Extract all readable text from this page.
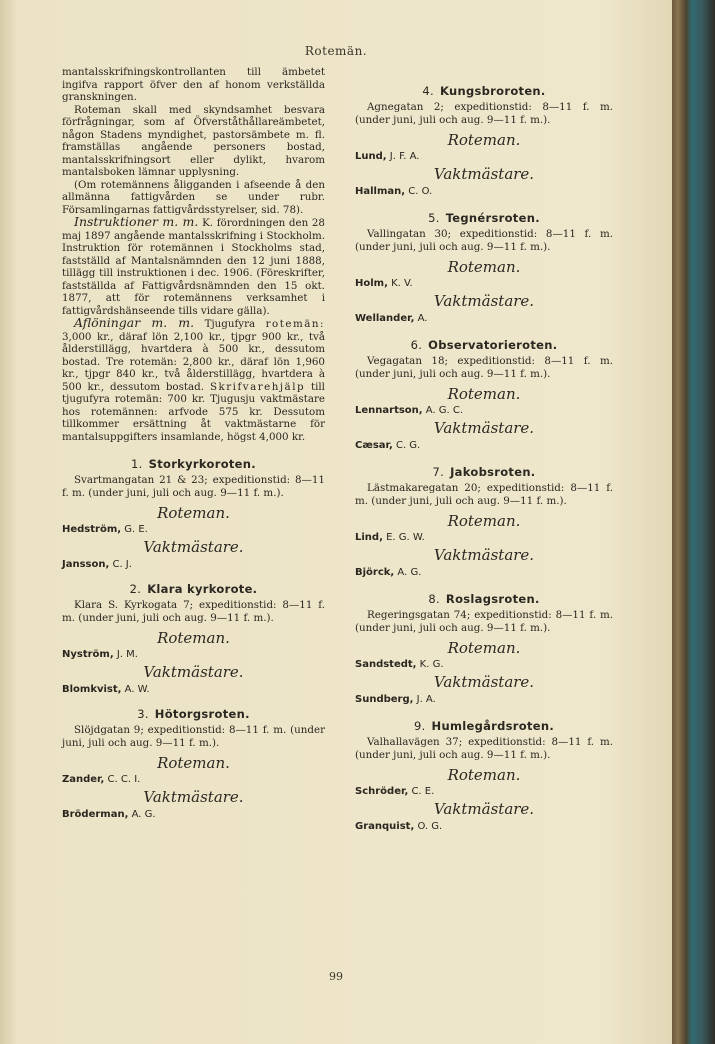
Rotemän.

mantalsskrifningskontrollanten till ämbetet ingifva rapport öfver den af honom verkställda granskningen.

Roteman skall med skyndsamhet besvara förfrågningar, som af Öfverståthållareämbetet, någon Stadens myndighet, pastorsämbete m. fl. framställas angående personers bostad, mantalsskrifningsort eller dylikt, hvarom mantalsboken lämnar upplysning.

(Om rotemännens åligganden i afseende å den allmänna fattigvården se under rubr. Församlingarnas fattigvårdsstyrelser, sid. 78).

Instruktioner m. m. K. förordningen den 28 maj 1897 angående mantalsskrifning i Stockholm. Instruktion för rotemännen i Stockholms stad, fastställd af Mantalsnämnden den 12 juni 1888, tillägg till instruktionen i dec. 1906. (Föreskrifter, fastställda af Fattigvårdsnämnden den 15 okt. 1877, att för rotemännens verksamhet i fattigvårdshänseende tills vidare gälla).

Aflöningar m. m. Tjugufyra rotemän: 3,000 kr., däraf lön 2,100 kr., tjpgr 900 kr., två ålderstillägg, hvartdera à 500 kr., dessutom bostad. Tre rotemän: 2,800 kr., däraf lön 1,960 kr., tjpgr 840 kr., två ålderstillägg, hvartdera à 500 kr., dessutom bostad. Skrifvarehjälp till tjugufyra rotemän: 700 kr. Tjugusju vaktmästare hos rotemännen: arfvode 575 kr. Dessutom tillkommer ersättning åt vaktmästarne för mantalsuppgifters insamlande, högst 4,000 kr.

1. Storkyrkoroten.

Svartmangatan 21 & 23; expeditionstid: 8—11 f. m. (under juni, juli och aug. 9—11 f. m.).

Roteman.

Hedström, G. E.

Vaktmästare.

Jansson, C. J.

2. Klara kyrkorote.

Klara S. Kyrkogata 7; expeditionstid: 8—11 f. m. (under juni, juli och aug. 9—11 f. m.).

Roteman.

Nyström, J. M.

Vaktmästare.

Blomkvist, A. W.

3. Hötorgsroten.

Slöjdgatan 9; expeditionstid: 8—11 f. m. (under juni, juli och aug. 9—11 f. m.).

Roteman.

Zander, C. C. I.

Vaktmästare.

Bröderman, A. G.

4. Kungsbroroten.

Agnegatan 2; expeditionstid: 8—11 f. m. (under juni, juli och aug. 9—11 f. m.).

Roteman.

Lund, J. F. A.

Vaktmästare.

Hallman, C. O.

5. Tegnérsroten.

Vallingatan 30; expeditionstid: 8—11 f. m. (under juni, juli och aug. 9—11 f. m.).

Roteman.

Holm, K. V.

Vaktmästare.

Wellander, A.

6. Observatorieroten.

Vegagatan 18; expeditionstid: 8—11 f. m. (under juni, juli och aug. 9—11 f. m.).

Roteman.

Lennartson, A. G. C.

Vaktmästare.

Cæsar, C. G.

7. Jakobsroten.

Lästmakaregatan 20; expeditionstid: 8—11 f. m. (under juni, juli och aug. 9—11 f. m.).

Roteman.

Lind, E. G. W.

Vaktmästare.

Björck, A. G.

8. Roslagsroten.

Regeringsgatan 74; expeditionstid: 8—11 f. m. (under juni, juli och aug. 9—11 f. m.).

Roteman.

Sandstedt, K. G.

Vaktmästare.

Sundberg, J. A.

9. Humlegårdsroten.

Valhallavägen 37; expeditionstid: 8—11 f. m. (under juni, juli och aug. 9—11 f. m.).

Roteman.

Schröder, C. E.

Vaktmästare.

Granquist, O. G.

99
